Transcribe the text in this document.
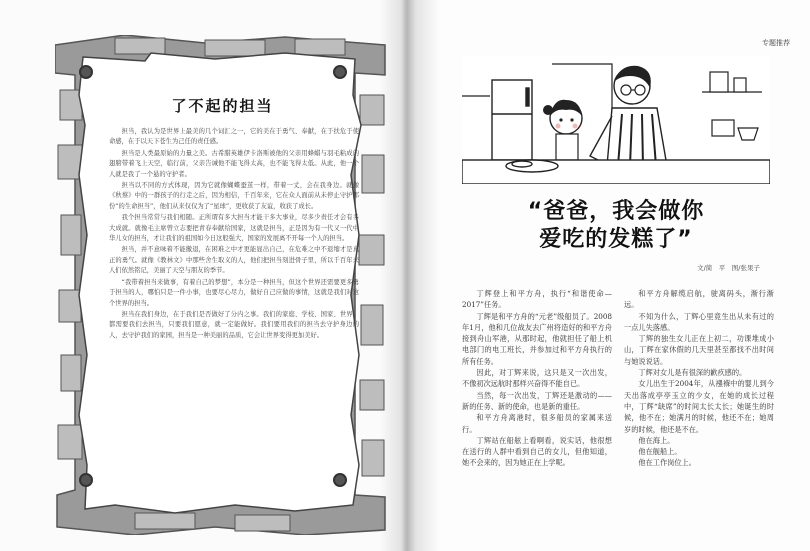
了不起的担当

担当，我认为是世界上最美的几个词汇之一，它的美在于勇气、奉献，在于扶危于使命感，在于以天下苍生为己任的责任感。

担当是人类最原始的力量之美。古希腊英雄伊卡洛斯被他的父亲用蜂蜡与羽毛粘成的翅膀带着飞上天空，临行前，父亲告诫他不能飞得太高，也不能飞得太低。从此，他一个人就是我了一个悬的守护者。

担当以不同的方式体现，因为它就像蝴蝶蚕茧一样，带着一丈，会在我身边。就像《秋蔡》中的一群孩子的行走之后，因为相信，千百年来，它在众人面前从未停止守护那份“的生命担当”，他们从来仅仅为了“星球”，更收获了友谊，收获了成长。

我个担当常常与我们相随。正所谓有多大担当才能干多大事业，尽多少责任才会有多大成就。就像毛主席曾立志要把青春奉献给国家，这就是担当，正是因为有一代又一代中华儿女的担当，才让我们的祖国如今日这般强大，国家的发展离不开每一个人的担当。

担当，并不意味着不能撤退，在困难之中才更能显出自己，在危难之中不退缩才是真正的勇气。就像《教林文》中那些舍生取义的人，他们把担当刻进骨子里，所以千百年来人们依然铭记，美丽了天空与朋友的季节。

“我带着担当来做事，有着自己的梦想”，本分是一种担当，但这个世界还需要更多勇于担当的人，哪怕只是一件小事，也要尽心尽力，做好自己应做的事情，这就是我们对这个世界的担当。

担当在我们身边，在于我们是否做好了分内之事。我们的家庭、学校、国家、世界，都需要我们去担当，只要我们愿意，就一定能做好。我们要用我们的担当去守护身边的人，去守护我们的家园，担当是一种美丽的品质，它会让世界变得更加美好。

专题推荐
“爸爸，我会做你
爱吃的发糕了”
文/简　平　图/张果子

丁辉登上和平方舟，执行“和谐使命—2017”任务。

丁辉是和平方舟的“元老”级船员了。2008年1月，他和几位战友去广州将造好的和平方舟接到舟山军港，从那时起，他就担任了船上机电部门的电工班长，并参加过和平方舟执行的所有任务。

因此，对丁辉来说，这只是又一次出发，不像初次远航时那样兴奋得不能自已。

当然，每一次出发，丁辉还是激动的——新的任务、新的使命，也是新的重任。

和平方舟离港时，很多船员的家属来送行。

丁辉站在船舷上看啊看，说实话，他很想在送行的人群中看到自己的女儿，但他知道，她不会来的，因为她正在上学呢。

和平方舟解缆启航，驶离码头，渐行渐远。

不知为什么，丁辉心里竟生出从未有过的一点儿失落感。

丁辉的独生女儿正在上初二，功课堆成小山，丁辉在家休假的几天里甚至都找不出时间与她说说话。

丁辉对女儿是有很深的歉疚感的。

女儿出生于2004年，从襁褓中的婴儿到今天出落成亭亭玉立的少女，在她的成长过程中，丁辉“缺席”的时间太长太长；她诞生的时候，他不在；她满月的时候，他还不在；她周岁的时候，他还是不在。

他在海上。

他在舰船上。

他在工作岗位上。
